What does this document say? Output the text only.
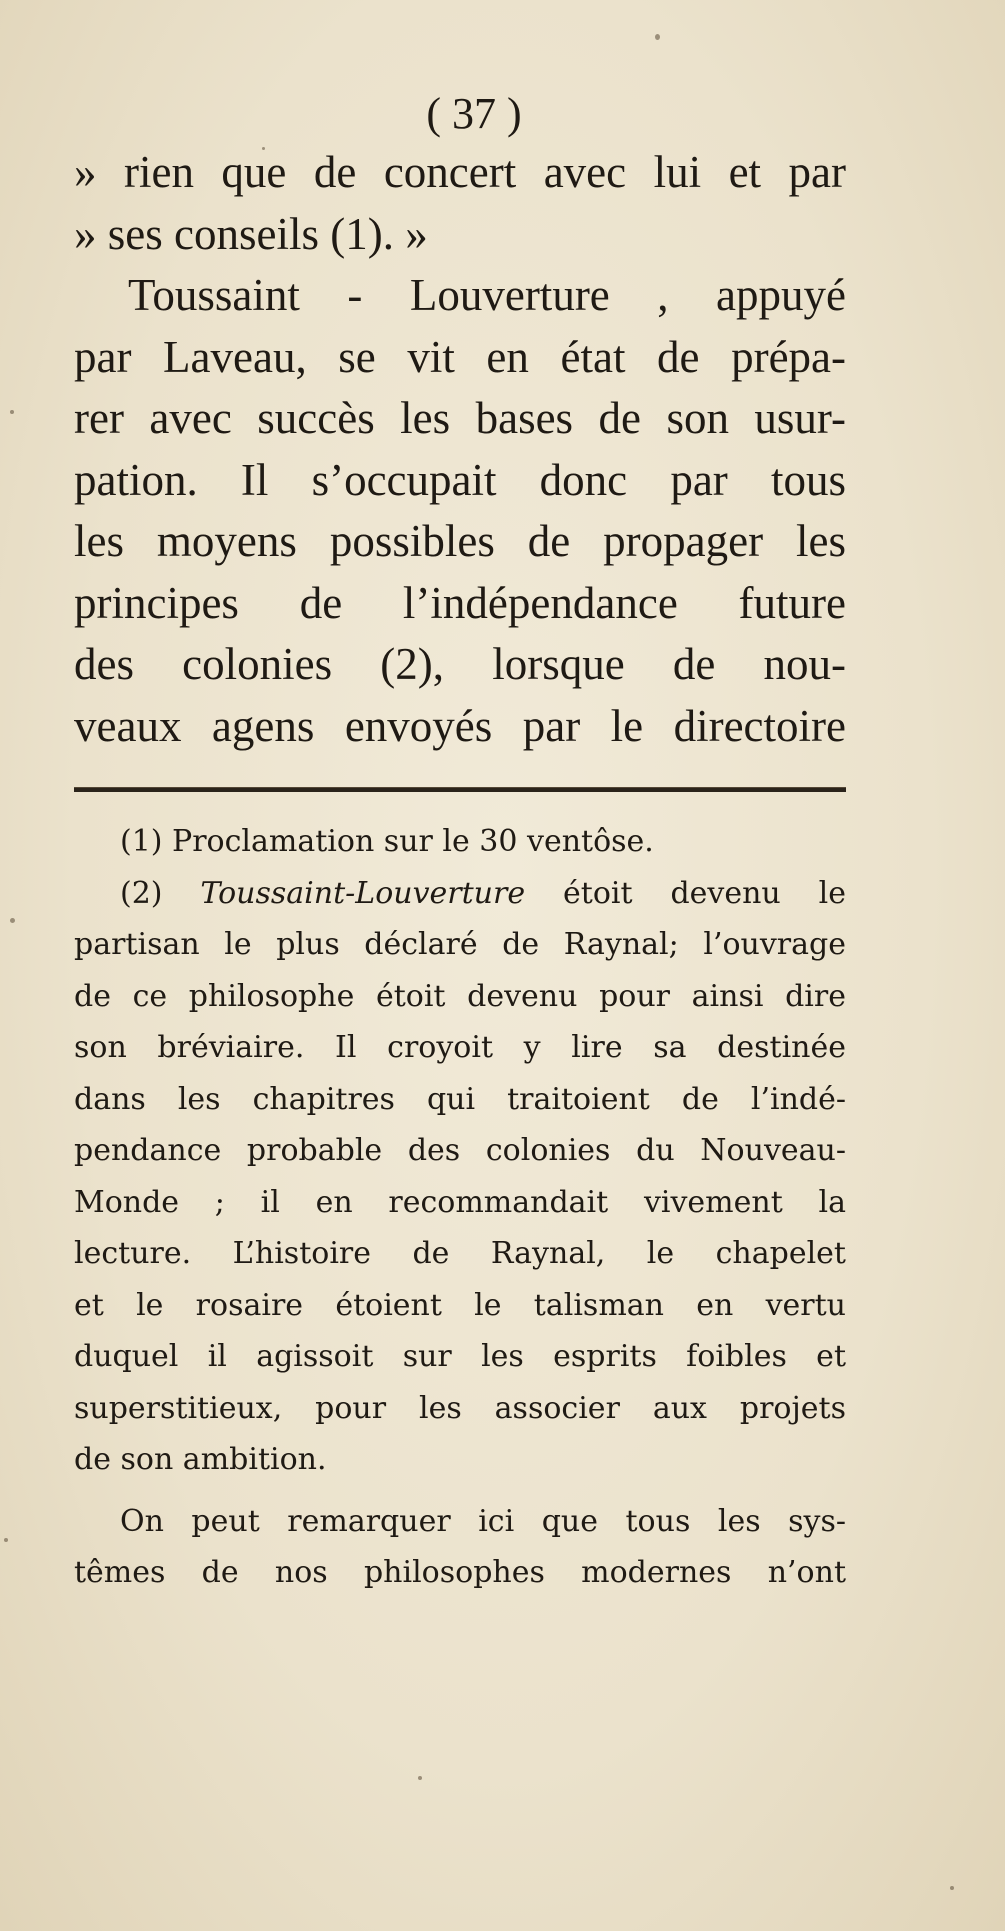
( 37 )
» rien que de concert avec lui et par
» ses conseils (1). »
Toussaint - Louverture , appuyé
par Laveau, se vit en état de prépa-
rer avec succès les bases de son usur-
pation. Il s’occupait donc par tous
les moyens possibles de propager les
principes de l’indépendance future
des colonies (2), lorsque de nou-
veaux agens envoyés par le directoire
(1) Proclamation sur le 30 ventôse.
(2) Toussaint-Louverture étoit devenu le
partisan le plus déclaré de Raynal; l’ouvrage
de ce philosophe étoit devenu pour ainsi dire
son bréviaire. Il croyoit y lire sa destinée
dans les chapitres qui traitoient de l’indé-
pendance probable des colonies du Nouveau-
Monde ; il en recommandait vivement la
lecture. L’histoire de Raynal, le chapelet
et le rosaire étoient le talisman en vertu
duquel il agissoit sur les esprits foibles et
superstitieux, pour les associer aux projets
de son ambition.
On peut remarquer ici que tous les sys-
têmes de nos philosophes modernes n’ont
